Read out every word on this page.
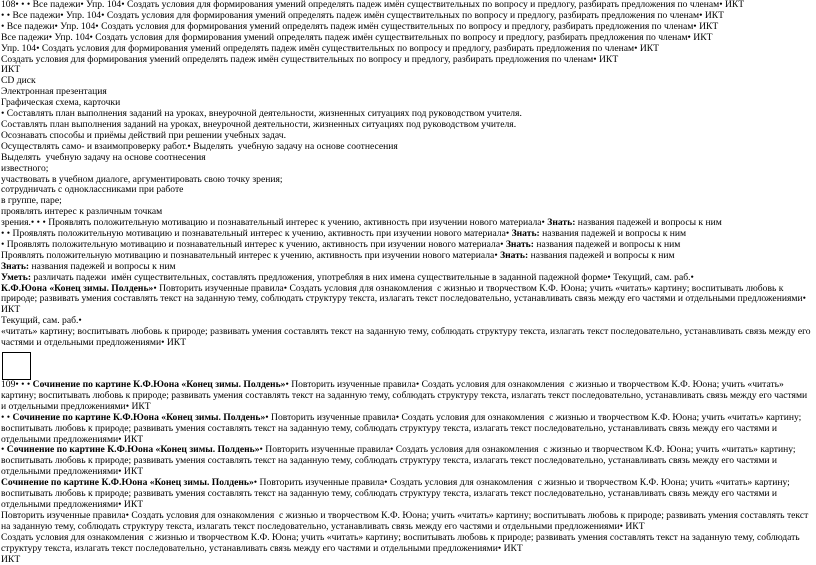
108• • • Все падежи• Упр. 104• Создать условия для формирования умений определять падеж имён существительных по вопросу и предлогу, разбирать предложения по членам• ИКТ
• • Все падежи• Упр. 104• Создать условия для формирования умений определять падеж имён существительных по вопросу и предлогу, разбирать предложения по членам• ИКТ
• Все падежи• Упр. 104• Создать условия для формирования умений определять падеж имён существительных по вопросу и предлогу, разбирать предложения по членам• ИКТ
Все падежи• Упр. 104• Создать условия для формирования умений определять падеж имён существительных по вопросу и предлогу, разбирать предложения по членам• ИКТ
Упр. 104• Создать условия для формирования умений определять падеж имён существительных по вопросу и предлогу, разбирать предложения по членам• ИКТ
Создать условия для формирования умений определять падеж имён существительных по вопросу и предлогу, разбирать предложения по членам• ИКТ
ИКТ
CD диск
Электронная презентация
Графическая схема, карточки
• Составлять план выполнения заданий на уроках, внеурочной деятельности, жизненных ситуациях под руководством учителя.
Составлять план выполнения заданий на уроках, внеурочной деятельности, жизненных ситуациях под руководством учителя.
Осознавать способы и приёмы действий при решении учебных задач.
Осуществлять само- и взаимопроверку работ.• Выделять  учебную задачу на основе соотнесения
Выделять  учебную задачу на основе соотнесения
известного;
участвовать в учебном диалоге, аргументировать свою точку зрения;
сотрудничать с одноклассниками при работе
в группе, паре;
проявлять интерес к различным точкам
зрения.• • • Проявлять положительную мотивацию и познавательный интерес к учению, активность при изучении нового материала• Знать: названия падежей и вопросы к ним
• • Проявлять положительную мотивацию и познавательный интерес к учению, активность при изучении нового материала• Знать: названия падежей и вопросы к ним
• Проявлять положительную мотивацию и познавательный интерес к учению, активность при изучении нового материала• Знать: названия падежей и вопросы к ним
Проявлять положительную мотивацию и познавательный интерес к учению, активность при изучении нового материала• Знать: названия падежей и вопросы к ним
Знать: названия падежей и вопросы к ним
Уметь: различать падежи  имён существительных, составлять предложения, употребляя в них имена существительные в заданной падежной форме• Текущий, сам. раб.•
К.Ф.Юона «Конец зимы. Полдень»• Повторить изученные правила• Создать условия для ознакомления  с жизнью и творчеством К.Ф. Юона; учить «читать» картину; воспитывать любовь к природе; развивать умения составлять текст на заданную тему, соблюдать структуру текста, излагать текст последовательно, устанавливать связь между его частями и отдельными предложениями• ИКТ
Текущий, сам. раб.•
«читать» картину; воспитывать любовь к природе; развивать умения составлять текст на заданную тему, соблюдать структуру текста, излагать текст последовательно, устанавливать связь между его частями и отдельными предложениями• ИКТ
109• • • Сочинение по картине К.Ф.Юона «Конец зимы. Полдень»• Повторить изученные правила• Создать условия для ознакомления  с жизнью и творчеством К.Ф. Юона; учить «читать» картину; воспитывать любовь к природе; развивать умения составлять текст на заданную тему, соблюдать структуру текста, излагать текст последовательно, устанавливать связь между его частями и отдельными предложениями• ИКТ
• • Сочинение по картине К.Ф.Юона «Конец зимы. Полдень»• Повторить изученные правила• Создать условия для ознакомления  с жизнью и творчеством К.Ф. Юона; учить «читать» картину; воспитывать любовь к природе; развивать умения составлять текст на заданную тему, соблюдать структуру текста, излагать текст последовательно, устанавливать связь между его частями и отдельными предложениями• ИКТ
• Сочинение по картине К.Ф.Юона «Конец зимы. Полдень»• Повторить изученные правила• Создать условия для ознакомления  с жизнью и творчеством К.Ф. Юона; учить «читать» картину; воспитывать любовь к природе; развивать умения составлять текст на заданную тему, соблюдать структуру текста, излагать текст последовательно, устанавливать связь между его частями и отдельными предложениями• ИКТ
Сочинение по картине К.Ф.Юона «Конец зимы. Полдень»• Повторить изученные правила• Создать условия для ознакомления  с жизнью и творчеством К.Ф. Юона; учить «читать» картину; воспитывать любовь к природе; развивать умения составлять текст на заданную тему, соблюдать структуру текста, излагать текст последовательно, устанавливать связь между его частями и отдельными предложениями• ИКТ
Повторить изученные правила• Создать условия для ознакомления  с жизнью и творчеством К.Ф. Юона; учить «читать» картину; воспитывать любовь к природе; развивать умения составлять текст на заданную тему, соблюдать структуру текста, излагать текст последовательно, устанавливать связь между его частями и отдельными предложениями• ИКТ
Создать условия для ознакомления  с жизнью и творчеством К.Ф. Юона; учить «читать» картину; воспитывать любовь к природе; развивать умения составлять текст на заданную тему, соблюдать структуру текста, излагать текст последовательно, устанавливать связь между его частями и отдельными предложениями• ИКТ
ИКТ
